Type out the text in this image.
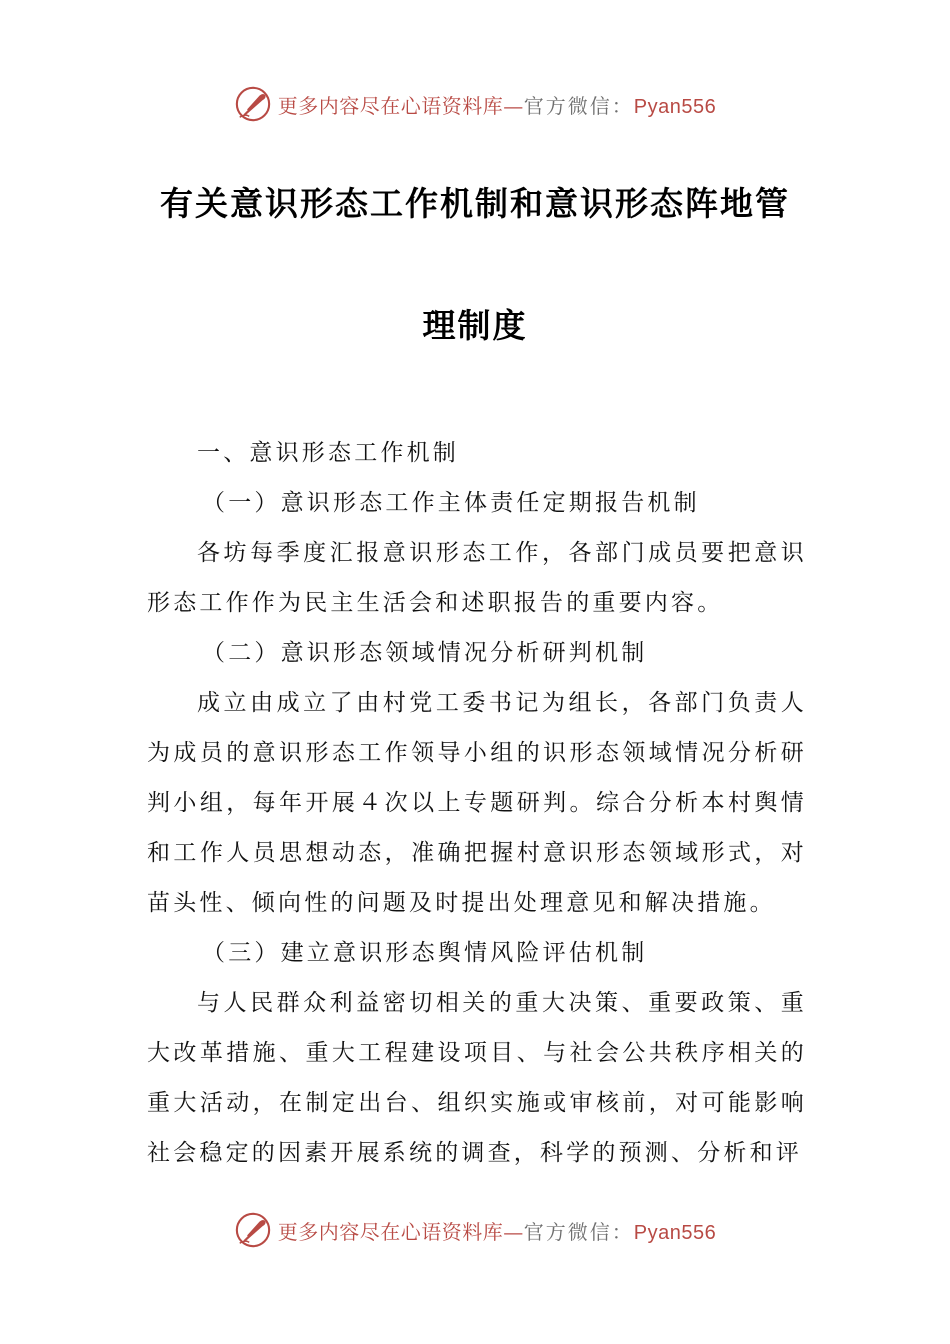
更多内容尽在心语资料库—官方微信：Pyan556
有关意识形态工作机制和意识形态阵地管
理制度

一、意识形态工作机制

（一）意识形态工作主体责任定期报告机制

各坊每季度汇报意识形态工作，各部门成员要把意识形态工作作为民主生活会和述职报告的重要内容。

（二）意识形态领域情况分析研判机制

成立由成立了由村党工委书记为组长，各部门负责人为成员的意识形态工作领导小组的识形态领域情况分析研判小组，每年开展４次以上专题研判。综合分析本村舆情和工作人员思想动态，准确把握村意识形态领域形式，对苗头性、倾向性的问题及时提出处理意见和解决措施。

（三）建立意识形态舆情风险评估机制

与人民群众利益密切相关的重大决策、重要政策、重大改革措施、重大工程建设项目、与社会公共秩序相关的重大活动，在制定出台、组织实施或审核前，对可能影响社会稳定的因素开展系统的调查，科学的预测、分析和评

更多内容尽在心语资料库—官方微信：Pyan556
